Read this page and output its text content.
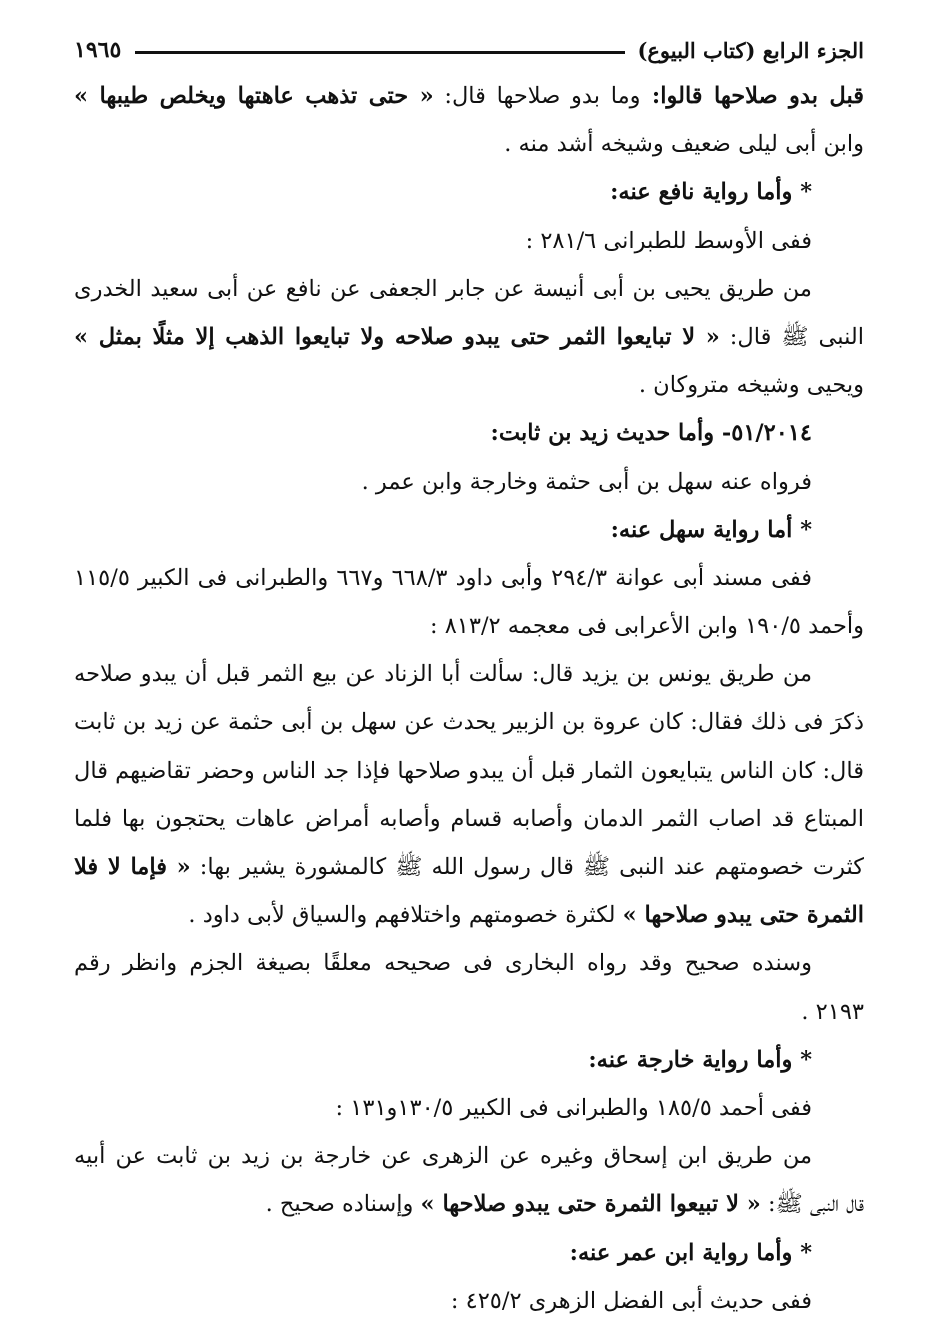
الجزء الرابع (كتاب البيوع)
١٩٦٥
قبل بدو صلاحها قالوا: وما بدو صلاحها قال: « حتى تذهب عاهتها ويخلص طيبها »
وابن أبى ليلى ضعيف وشيخه أشد منه .
* وأما رواية نافع عنه:
ففى الأوسط للطبرانى ٢٨١/٦ :
من طريق يحيى بن أبى أنيسة عن جابر الجعفى عن نافع عن أبى سعيد الخدرى
النبى ﷺ قال: « لا تبايعوا الثمر حتى يبدو صلاحه ولا تبايعوا الذهب إلا مثلًا بمثل »
ويحيى وشيخه متروكان .
٥١/٢٠١٤- وأما حديث زيد بن ثابت:
فرواه عنه سهل بن أبى حثمة وخارجة وابن عمر .
* أما رواية سهل عنه:
ففى مسند أبى عوانة ٢٩٤/٣ وأبى داود ٦٦٨/٣ و٦٦٧ والطبرانى فى الكبير ١١٥/٥
وأحمد ١٩٠/٥ وابن الأعرابى فى معجمه ٨١٣/٢ :
من طريق يونس بن يزيد قال: سألت أبا الزناد عن بيع الثمر قبل أن يبدو صلاحه
ذكرَ فى ذلك فقال: كان عروة بن الزبير يحدث عن سهل بن أبى حثمة عن زيد بن ثابت
قال: كان الناس يتبايعون الثمار قبل أن يبدو صلاحها فإذا جد الناس وحضر تقاضيهم قال
المبتاع قد اصاب الثمر الدمان وأصابه قسام وأصابه أمراض عاهات يحتجون بها فلما
كثرت خصومتهم عند النبى ﷺ قال رسول الله ﷺ كالمشورة يشير بها: « فإما لا فلا
الثمرة حتى يبدو صلاحها » لكثرة خصومتهم واختلافهم والسياق لأبى داود .
وسنده صحيح وقد رواه البخارى فى صحيحه معلقًا بصيغة الجزم وانظر رقم
٢١٩٣ .
* وأما رواية خارجة عنه:
ففى أحمد ١٨٥/٥ والطبرانى فى الكبير ١٣٠/٥و١٣١ :
من طريق ابن إسحاق وغيره عن الزهرى عن خارجة بن زيد بن ثابت عن أبيه
قال النبى ﷺ: « لا تبيعوا الثمرة حتى يبدو صلاحها » وإسناده صحيح .
* وأما رواية ابن عمر عنه:
ففى حديث أبى الفضل الزهرى ٤٢٥/٢ :
